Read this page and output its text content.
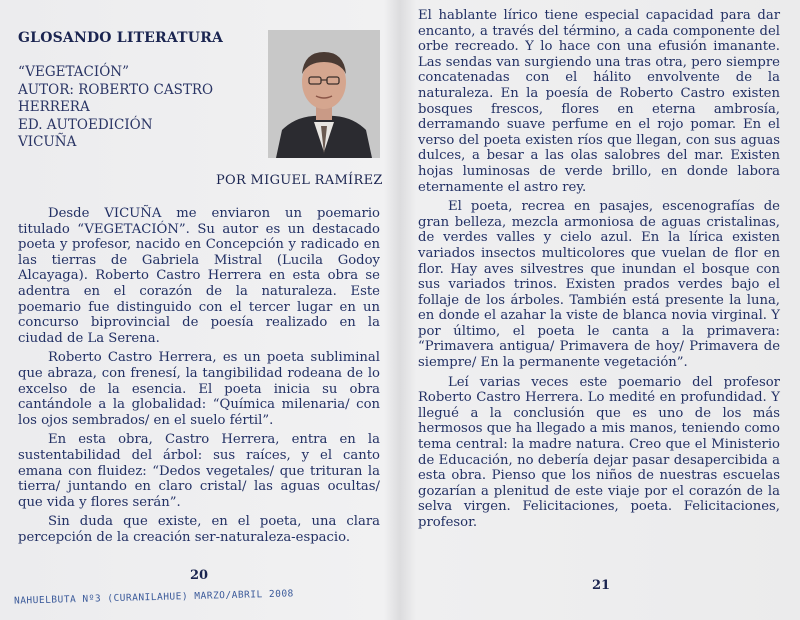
GLOSANDO LITERATURA
“VEGETACIÓN”
AUTOR: ROBERTO CASTRO
HERRERA
ED. AUTOEDICIÓN
VICUÑA
POR MIGUEL RAMÍREZ

Desde VICUÑA me enviaron un poemario titulado “VEGETACIÓN”. Su autor es un destacado poeta y profesor, nacido en Concepción y radicado en las tierras de Gabriela Mistral (Lucila Godoy Alcayaga). Roberto Castro Herrera en esta obra se adentra en el corazón de la naturaleza. Este poemario fue distinguido con el tercer lugar en un concurso biprovincial de poesía realizado en la ciudad de La Serena.

Roberto Castro Herrera, es un poeta subliminal que abraza, con frenesí, la tangibilidad rodeana de lo excelso de la esencia. El poeta inicia su obra cantándole a la globalidad: “Química milenaria/ con los ojos sembrados/ en el suelo fértil”.

En esta obra, Castro Herrera, entra en la sustentabilidad del árbol: sus raíces, y el canto emana con fluidez: “Dedos vegetales/ que trituran la tierra/ juntando en claro cristal/ las aguas ocultas/ que vida y flores serán”.

Sin duda que existe, en el poeta, una clara percepción de la creación ser-naturaleza-espacio.

20
NAHUELBUTA Nº3 (CURANILAHUE) MARZO/ABRIL 2008

El hablante lírico tiene especial capacidad para dar encanto, a través del término, a cada componente del orbe recreado. Y lo hace con una efusión imanante. Las sendas van surgiendo una tras otra, pero siempre concatenadas con el hálito envolvente de la naturaleza. En la poesía de Roberto Castro existen bosques frescos, flores en eterna ambrosía, derramando suave perfume en el rojo pomar. En el verso del poeta existen ríos que llegan, con sus aguas dulces, a besar a las olas salobres del mar. Existen hojas luminosas de verde brillo, en donde labora eternamente el astro rey.

El poeta, recrea en pasajes, escenografías de gran belleza, mezcla armoniosa de aguas cristalinas, de verdes valles y cielo azul. En la lírica existen variados insectos multicolores que vuelan de flor en flor. Hay aves silvestres que inundan el bosque con sus variados trinos. Existen prados verdes bajo el follaje de los árboles. También está presente la luna, en donde el azahar la viste de blanca novia virginal. Y por último, el poeta le canta a la primavera: “Primavera antigua/ Primavera de hoy/ Primavera de siempre/ En la permanente vegetación”.

Leí varias veces este poemario del profesor Roberto Castro Herrera. Lo medité en profundidad. Y llegué a la conclusión que es uno de los más hermosos que ha llegado a mis manos, teniendo como tema central: la madre natura. Creo que el Ministerio de Educación, no debería dejar pasar desapercibida a esta obra. Pienso que los niños de nuestras escuelas gozarían a plenitud de este viaje por el corazón de la selva virgen. Felicitaciones, poeta. Felicitaciones, profesor.

21
